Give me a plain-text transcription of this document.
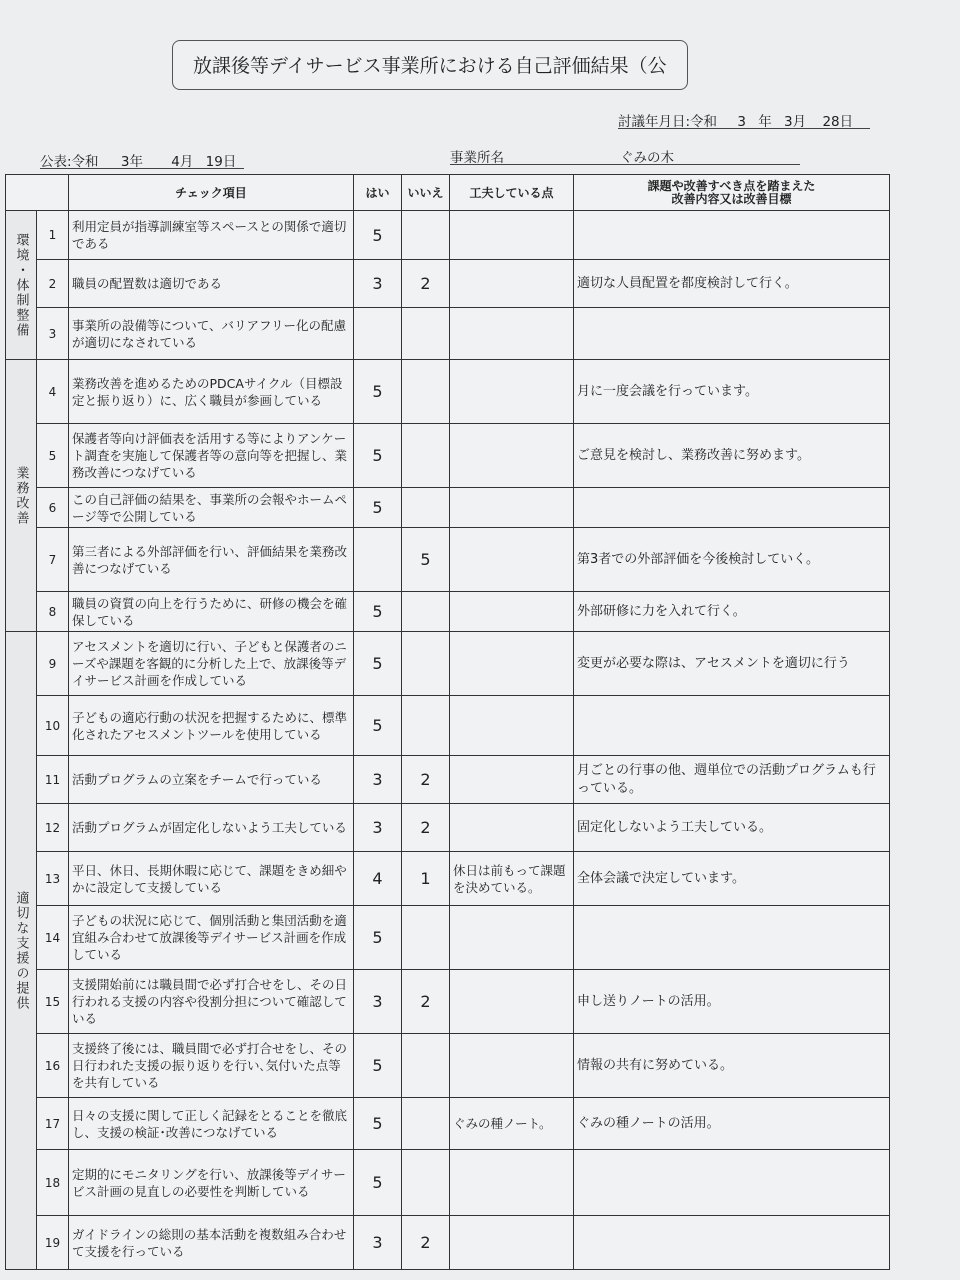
放課後等デイサービス事業所における自己評価結果（公
討議年月日:令和 3 年 3月 28日
公表:令和 3年 4月 19日	事業所名	ぐみの木
		チェック項目	はい	いいえ	工夫している点	課題や改善すべき点を踏まえた
改善内容又は改善目標

環境・体制整備	1	利用定員が指導訓練室等スペースとの関係で適切である	5			
	2	職員の配置数は適切である	3	2		適切な人員配置を都度検討して行く。
	3	事業所の設備等について、バリアフリー化の配慮が適切になされている				
業務改善	4	業務改善を進めるためのPDCAサイクル（目標設定と振り返り）に、広く職員が参画している	5			月に一度会議を行っています。
	5	保護者等向け評価表を活用する等によりアンケート調査を実施して保護者等の意向等を把握し、業務改善につなげている	5			ご意見を検討し、業務改善に努めます。
	6	この自己評価の結果を、事業所の会報やホームページ等で公開している	5			
	7	第三者による外部評価を行い、評価結果を業務改善につなげている		5		第3者での外部評価を今後検討していく。
	8	職員の資質の向上を行うために、研修の機会を確保している	5			外部研修に力を入れて行く。
適切な支援の提供	9	アセスメントを適切に行い、子どもと保護者のニーズや課題を客観的に分析した上で、放課後等デイサービス計画を作成している	5			変更が必要な際は、アセスメントを適切に行う
	10	子どもの適応行動の状況を把握するために、標準化されたアセスメントツールを使用している	5			
	11	活動プログラムの立案をチームで行っている	3	2		月ごとの行事の他、週単位での活動プログラムも行っている。
	12	活動プログラムが固定化しないよう工夫している	3	2		固定化しないよう工夫している。
	13	平日、休日、長期休暇に応じて、課題をきめ細やかに設定して支援している	4	1	休日は前もって課題を決めている。	全体会議で決定しています。
	14	子どもの状況に応じて、個別活動と集団活動を適宜組み合わせて放課後等デイサービス計画を作成している	5			
	15	支援開始前には職員間で必ず打合せをし、その日行われる支援の内容や役割分担について確認している	3	2		申し送りノートの活用。
	16	支援終了後には、職員間で必ず打合せをし、その日行われた支援の振り返りを行い､気付いた点等を共有している	5			情報の共有に努めている。
	17	日々の支援に関して正しく記録をとることを徹底し、支援の検証･改善につなげている	5		ぐみの種ノート。	ぐみの種ノートの活用。
	18	定期的にモニタリングを行い、放課後等デイサービス計画の見直しの必要性を判断している	5			
	19	ガイドラインの総則の基本活動を複数組み合わせて支援を行っている	3	2		
